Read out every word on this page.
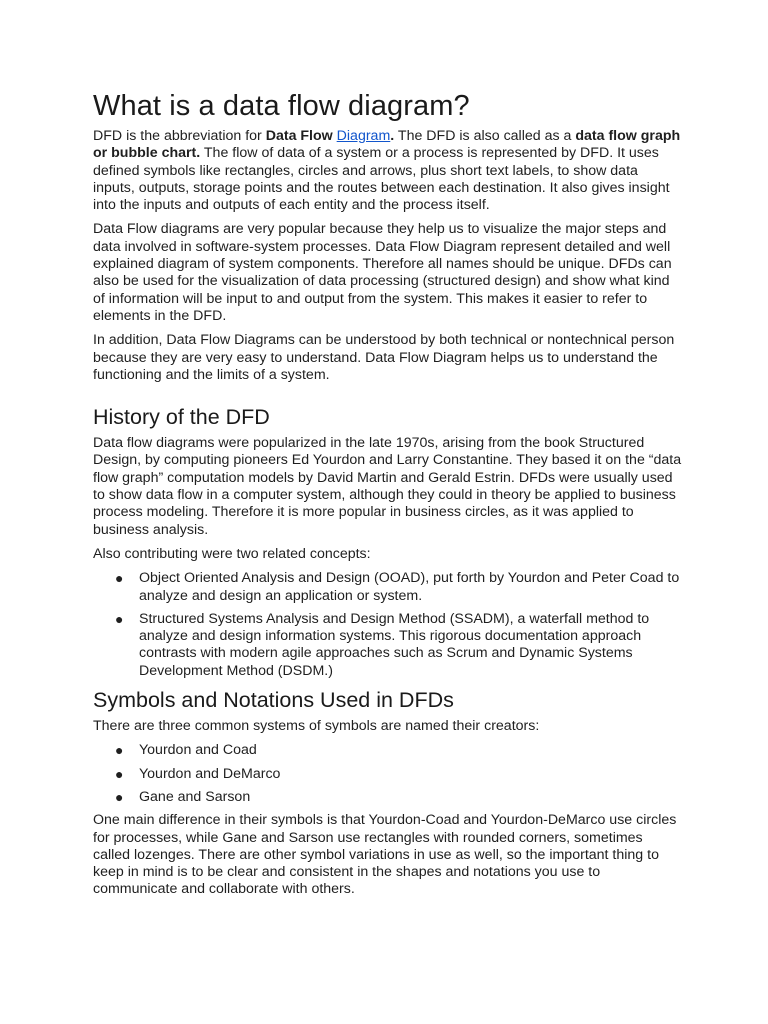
What is a data flow diagram?

DFD is the abbreviation for Data Flow Diagram. The DFD is also called as a data flow graph or bubble chart. The flow of data of a system or a process is represented by DFD. It uses defined symbols like rectangles, circles and arrows, plus short text labels, to show data inputs, outputs, storage points and the routes between each destination. It also gives insight into the inputs and outputs of each entity and the process itself.

Data Flow diagrams are very popular because they help us to visualize the major steps and data involved in software-system processes. Data Flow Diagram represent detailed and well explained diagram of system components. Therefore all names should be unique. DFDs can also be used for the visualization of data processing (structured design) and show what kind of information will be input to and output from the system. This makes it easier to refer to elements in the DFD.

In addition, Data Flow Diagrams can be understood by both technical or nontechnical person because they are very easy to understand. Data Flow Diagram helps us to understand the functioning and the limits of a system.

History of the DFD

Data flow diagrams were popularized in the late 1970s, arising from the book Structured Design, by computing pioneers Ed Yourdon and Larry Constantine. They based it on the “data flow graph” computation models by David Martin and Gerald Estrin. DFDs were usually used to show data flow in a computer system, although they could in theory be applied to business process modeling. Therefore it is more popular in business circles, as it was applied to business analysis.

Also contributing were two related concepts:

● Object Oriented Analysis and Design (OOAD), put forth by Yourdon and Peter Coad to analyze and design an application or system.
● Structured Systems Analysis and Design Method (SSADM), a waterfall method to analyze and design information systems. This rigorous documentation approach contrasts with modern agile approaches such as Scrum and Dynamic Systems Development Method (DSDM.)
Symbols and Notations Used in DFDs

There are three common systems of symbols are named their creators:

● Yourdon and Coad
● Yourdon and DeMarco
● Gane and Sarson

One main difference in their symbols is that Yourdon-Coad and Yourdon-DeMarco use circles for processes, while Gane and Sarson use rectangles with rounded corners, sometimes called lozenges. There are other symbol variations in use as well, so the important thing to keep in mind is to be clear and consistent in the shapes and notations you use to communicate and collaborate with others.
